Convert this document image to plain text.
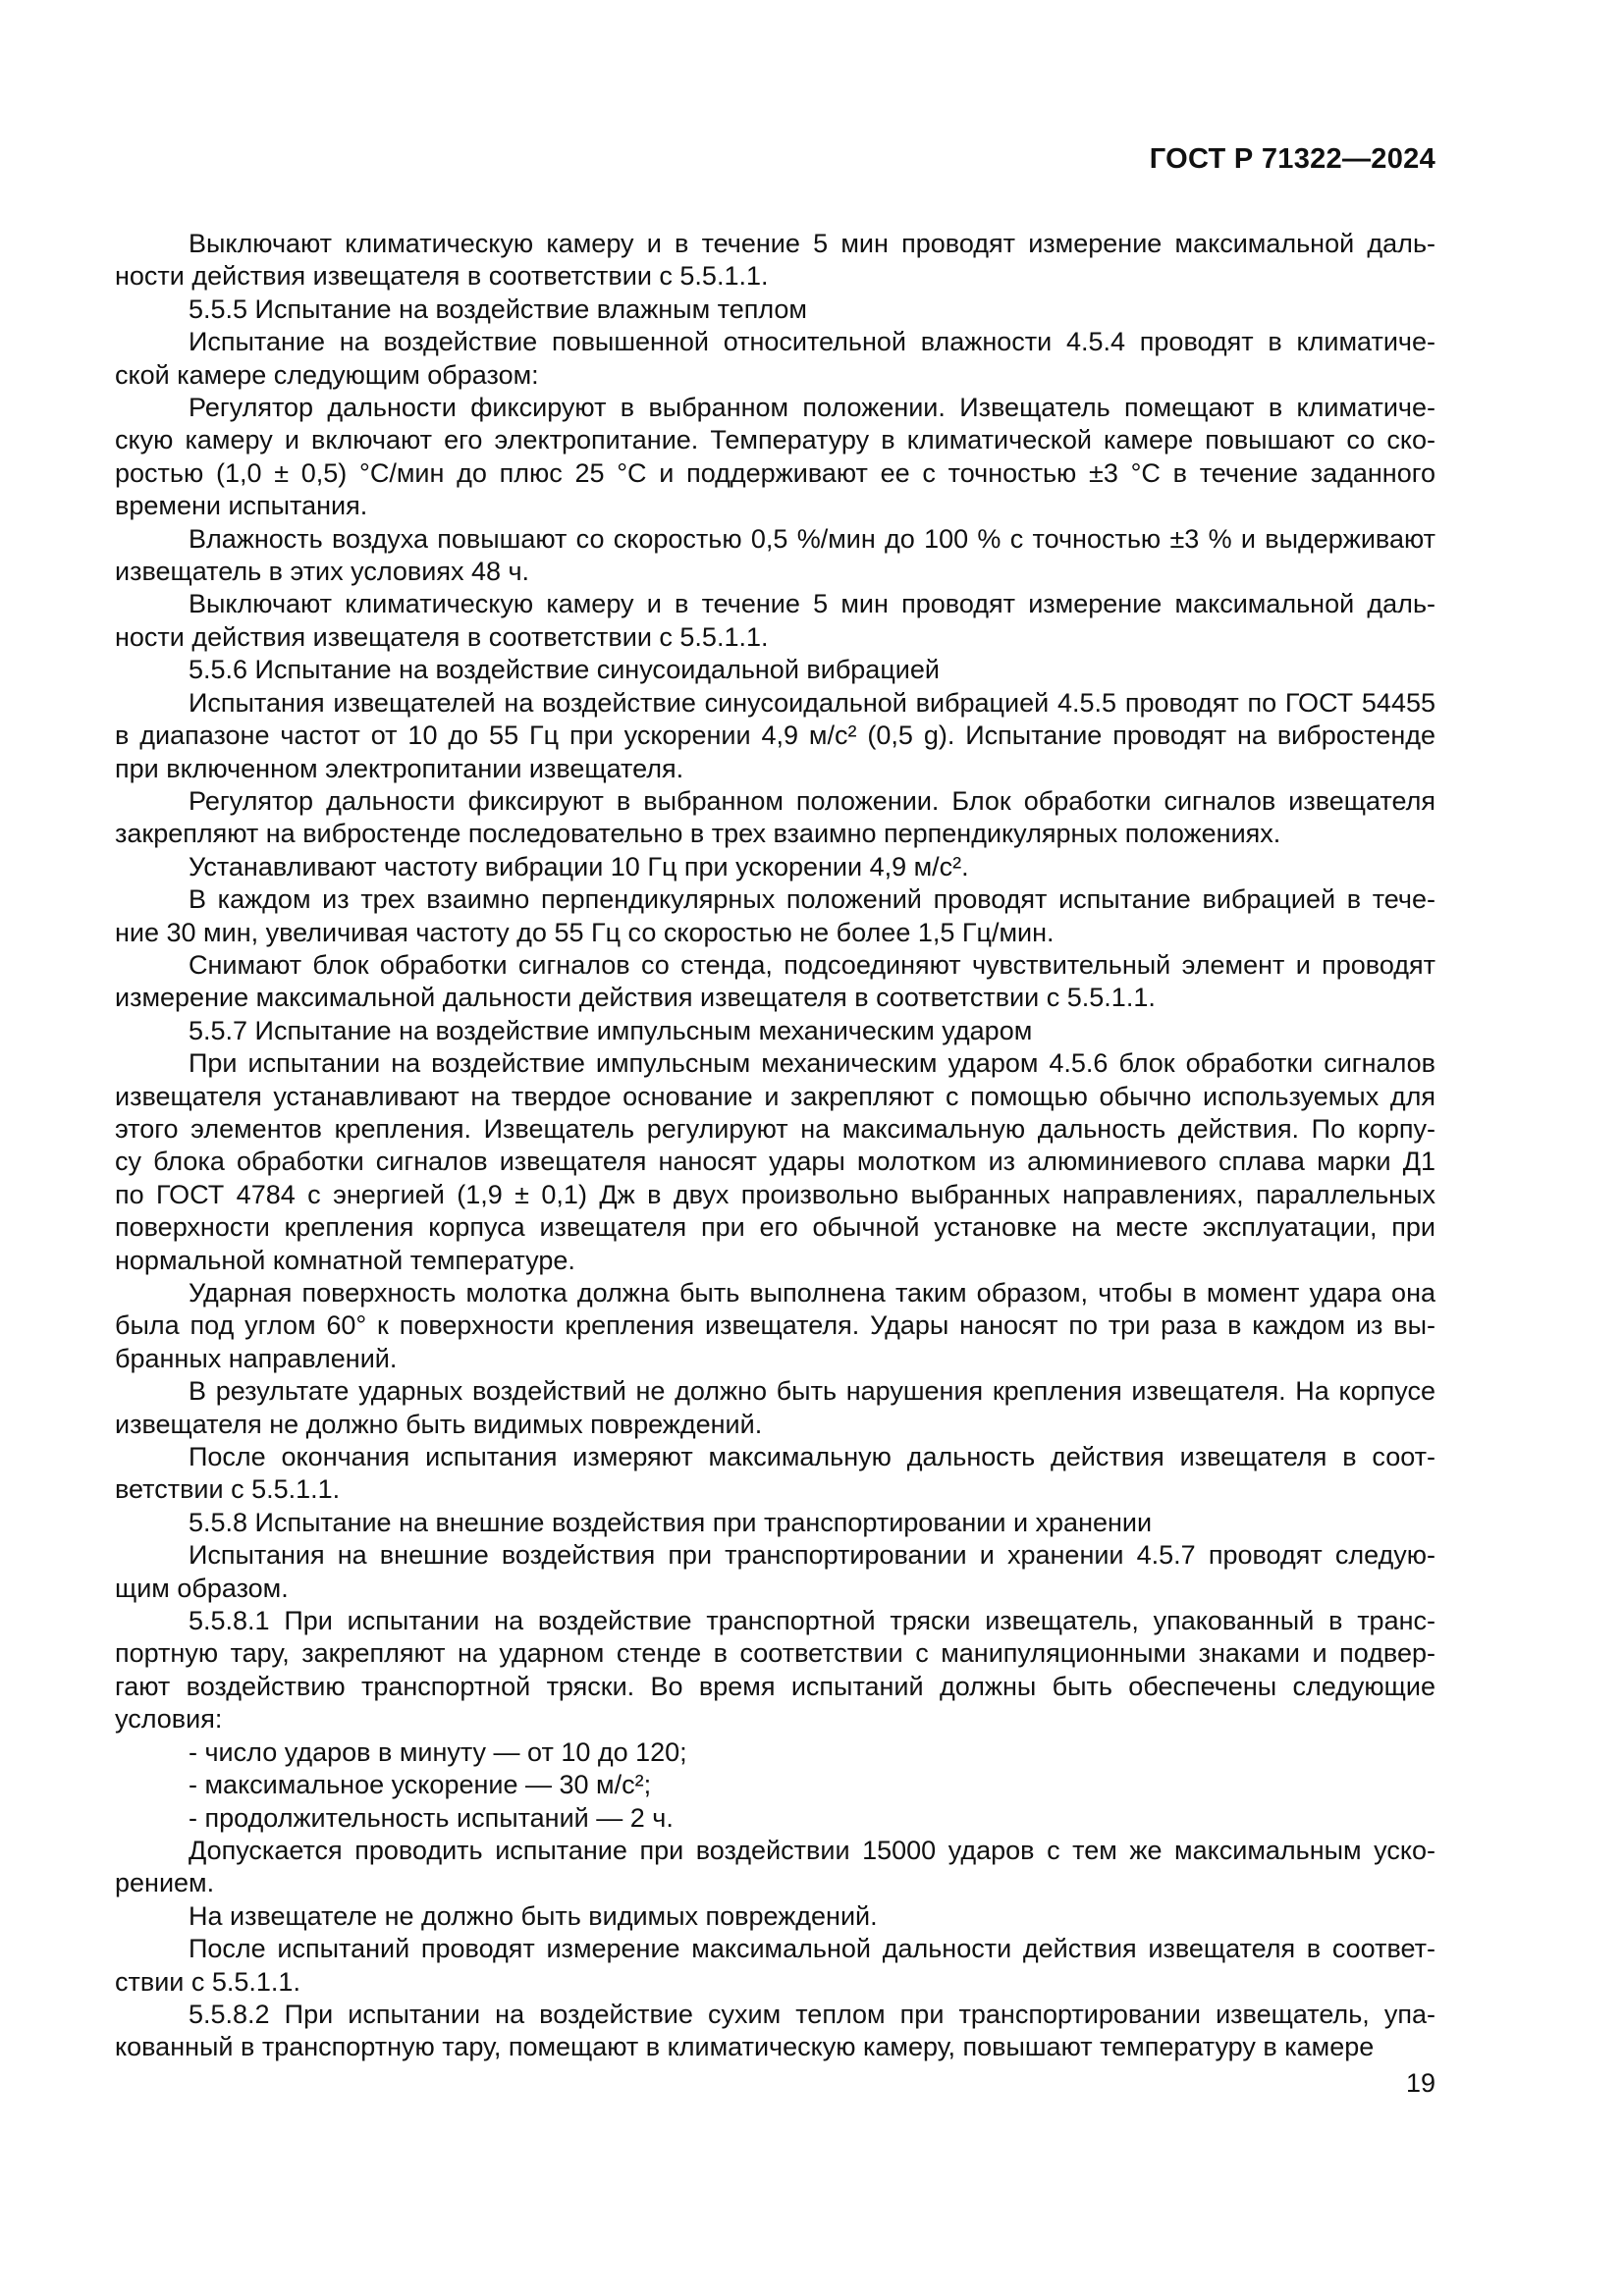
ГОСТ Р 71322—2024
Выключают климатическую камеру и в течение 5 мин проводят измерение максимальной даль-
ности действия извещателя в соответствии с 5.5.1.1.
5.5.5 Испытание на воздействие влажным теплом
Испытание на воздействие повышенной относительной влажности 4.5.4 проводят в климатиче-
ской камере следующим образом:
Регулятор дальности фиксируют в выбранном положении. Извещатель помещают в климатиче-
скую камеру и включают его электропитание. Температуру в климатической камере повышают со ско-
ростью (1,0 ± 0,5) °С/мин до плюс 25 °С и поддерживают ее с точностью ±3 °С в течение заданного
времени испытания.
Влажность воздуха повышают со скоростью 0,5 %/мин до 100 % с точностью ±3 % и выдерживают
извещатель в этих условиях 48 ч.
Выключают климатическую камеру и в течение 5 мин проводят измерение максимальной даль-
ности действия извещателя в соответствии с 5.5.1.1.
5.5.6 Испытание на воздействие синусоидальной вибрацией
Испытания извещателей на воздействие синусоидальной вибрацией 4.5.5 проводят по ГОСТ 54455
в диапазоне частот от 10 до 55 Гц при ускорении 4,9 м/с² (0,5 g). Испытание проводят на вибростенде
при включенном электропитании извещателя.
Регулятор дальности фиксируют в выбранном положении. Блок обработки сигналов извещателя
закрепляют на вибростенде последовательно в трех взаимно перпендикулярных положениях.
Устанавливают частоту вибрации 10 Гц при ускорении 4,9 м/с².
В каждом из трех взаимно перпендикулярных положений проводят испытание вибрацией в тече-
ние 30 мин, увеличивая частоту до 55 Гц со скоростью не более 1,5 Гц/мин.
Снимают блок обработки сигналов со стенда, подсоединяют чувствительный элемент и проводят
измерение максимальной дальности действия извещателя в соответствии с 5.5.1.1.
5.5.7 Испытание на воздействие импульсным механическим ударом
При испытании на воздействие импульсным механическим ударом 4.5.6 блок обработки сигналов
извещателя устанавливают на твердое основание и закрепляют с помощью обычно используемых для
этого элементов крепления. Извещатель регулируют на максимальную дальность действия. По корпу-
су блока обработки сигналов извещателя наносят удары молотком из алюминиевого сплава марки Д1
по ГОСТ 4784 с энергией (1,9 ± 0,1) Дж в двух произвольно выбранных направлениях, параллельных
поверхности крепления корпуса извещателя при его обычной установке на месте эксплуатации, при
нормальной комнатной температуре.
Ударная поверхность молотка должна быть выполнена таким образом, чтобы в момент удара она
была под углом 60° к поверхности крепления извещателя. Удары наносят по три раза в каждом из вы-
бранных направлений.
В результате ударных воздействий не должно быть нарушения крепления извещателя. На корпусе
извещателя не должно быть видимых повреждений.
После окончания испытания измеряют максимальную дальность действия извещателя в соот-
ветствии с 5.5.1.1.
5.5.8 Испытание на внешние воздействия при транспортировании и хранении
Испытания на внешние воздействия при транспортировании и хранении 4.5.7 проводят следую-
щим образом.
5.5.8.1 При испытании на воздействие транспортной тряски извещатель, упакованный в транс-
портную тару, закрепляют на ударном стенде в соответствии с манипуляционными знаками и подвер-
гают воздействию транспортной тряски. Во время испытаний должны быть обеспечены следующие
условия:
- число ударов в минуту — от 10 до 120;
- максимальное ускорение — 30 м/с²;
- продолжительность испытаний — 2 ч.
Допускается проводить испытание при воздействии 15000 ударов с тем же максимальным уско-
рением.
На извещателе не должно быть видимых повреждений.
После испытаний проводят измерение максимальной дальности действия извещателя в соответ-
ствии с 5.5.1.1.
5.5.8.2 При испытании на воздействие сухим теплом при транспортировании извещатель, упа-
кованный в транспортную тару, помещают в климатическую камеру, повышают температуру в камере
19
